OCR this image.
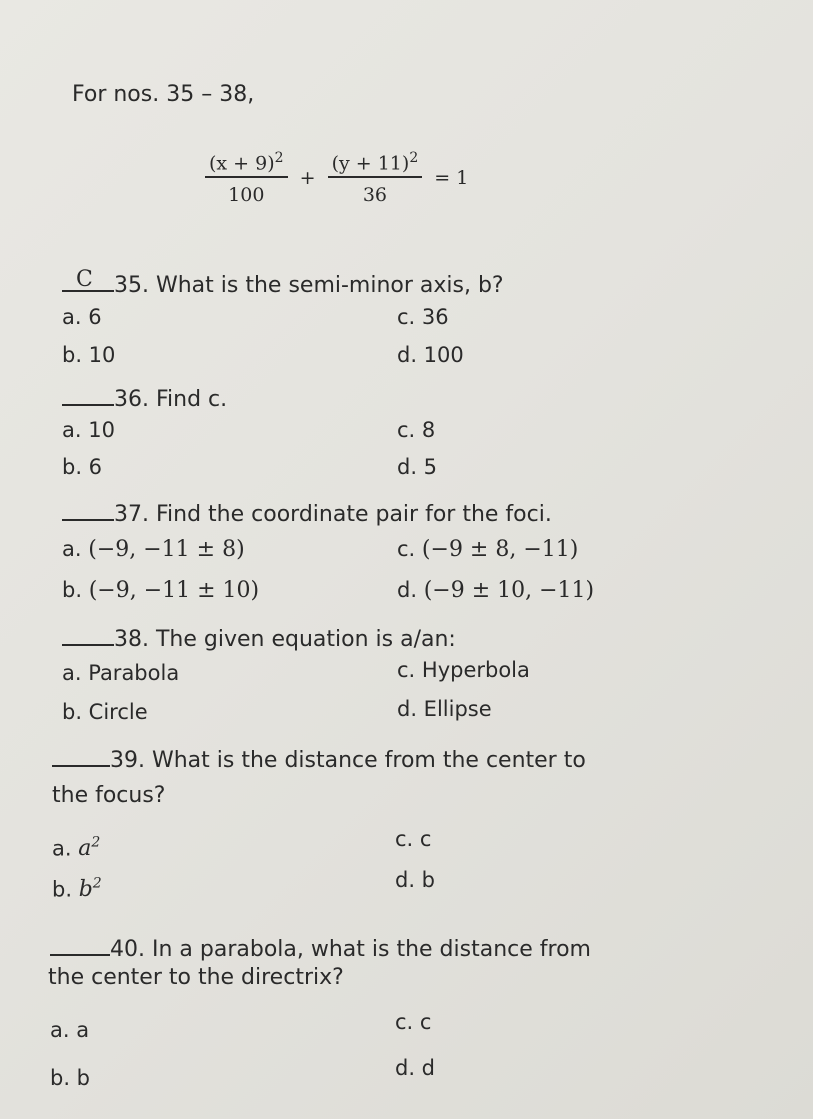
For nos. 35 – 38,
$\frac{(x + 9)^2}{100} + \frac{(y + 11)^2}{36} = 1$
C 35. What is the semi-minor axis, b?
a. 6	c. 36
b. 10	d. 100
36. Find c.
a. 10	c. 8
b. 6	d. 5
37. Find the coordinate pair for the foci.
a. (−9, −11 ± 8)	c. (−9 ± 8, −11)
b. (−9, −11 ± 10)	d. (−9 ± 10, −11)
38. The given equation is a/an:
a. Parabola	c. Hyperbola
b. Circle	d. Ellipse
39. What is the distance from the center to
the focus?
a. $a^2$	c. c
b. $b^2$	d. b
40. In a parabola, what is the distance from
the center to the directrix?
a. a	c. c
b. b	d. d
